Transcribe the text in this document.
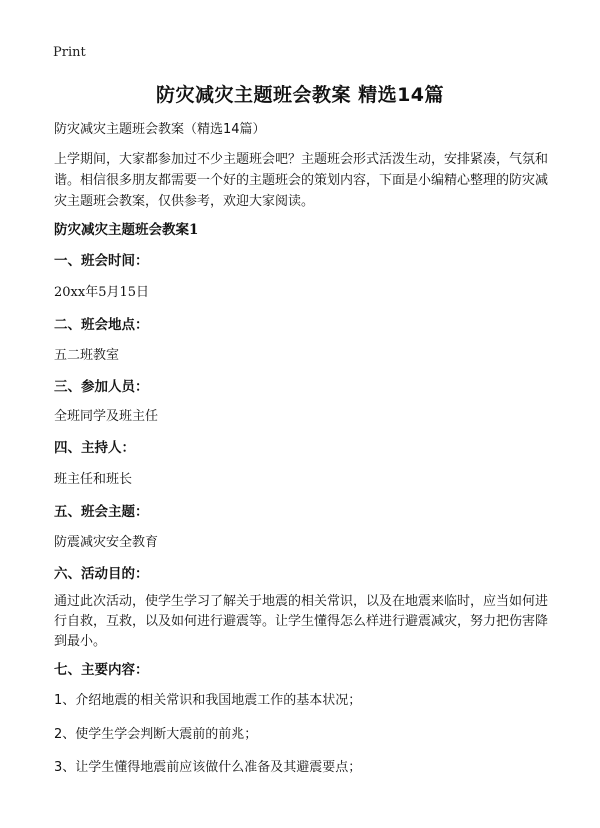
Print
防灾减灾主题班会教案 精选14篇

防灾减灾主题班会教案（精选14篇）

上学期间，大家都参加过不少主题班会吧？主题班会形式活泼生动，安排紧凑，气氛和谐。相信很多朋友都需要一个好的主题班会的策划内容，下面是小编精心整理的防灾减灾主题班会教案，仅供参考，欢迎大家阅读。

防灾减灾主题班会教案1
一、班会时间：

20xx年5月15日

二、班会地点：

五二班教室

三、参加人员：

全班同学及班主任

四、主持人：

班主任和班长

五、班会主题：

防震减灾安全教育

六、活动目的：

通过此次活动，使学生学习了解关于地震的相关常识，以及在地震来临时，应当如何进行自救，互救，以及如何进行避震等。让学生懂得怎么样进行避震减灾，努力把伤害降到最小。

七、主要内容：

1、介绍地震的相关常识和我国地震工作的基本状况；

2、使学生学会判断大震前的前兆；

3、让学生懂得地震前应该做什么准备及其避震要点；
